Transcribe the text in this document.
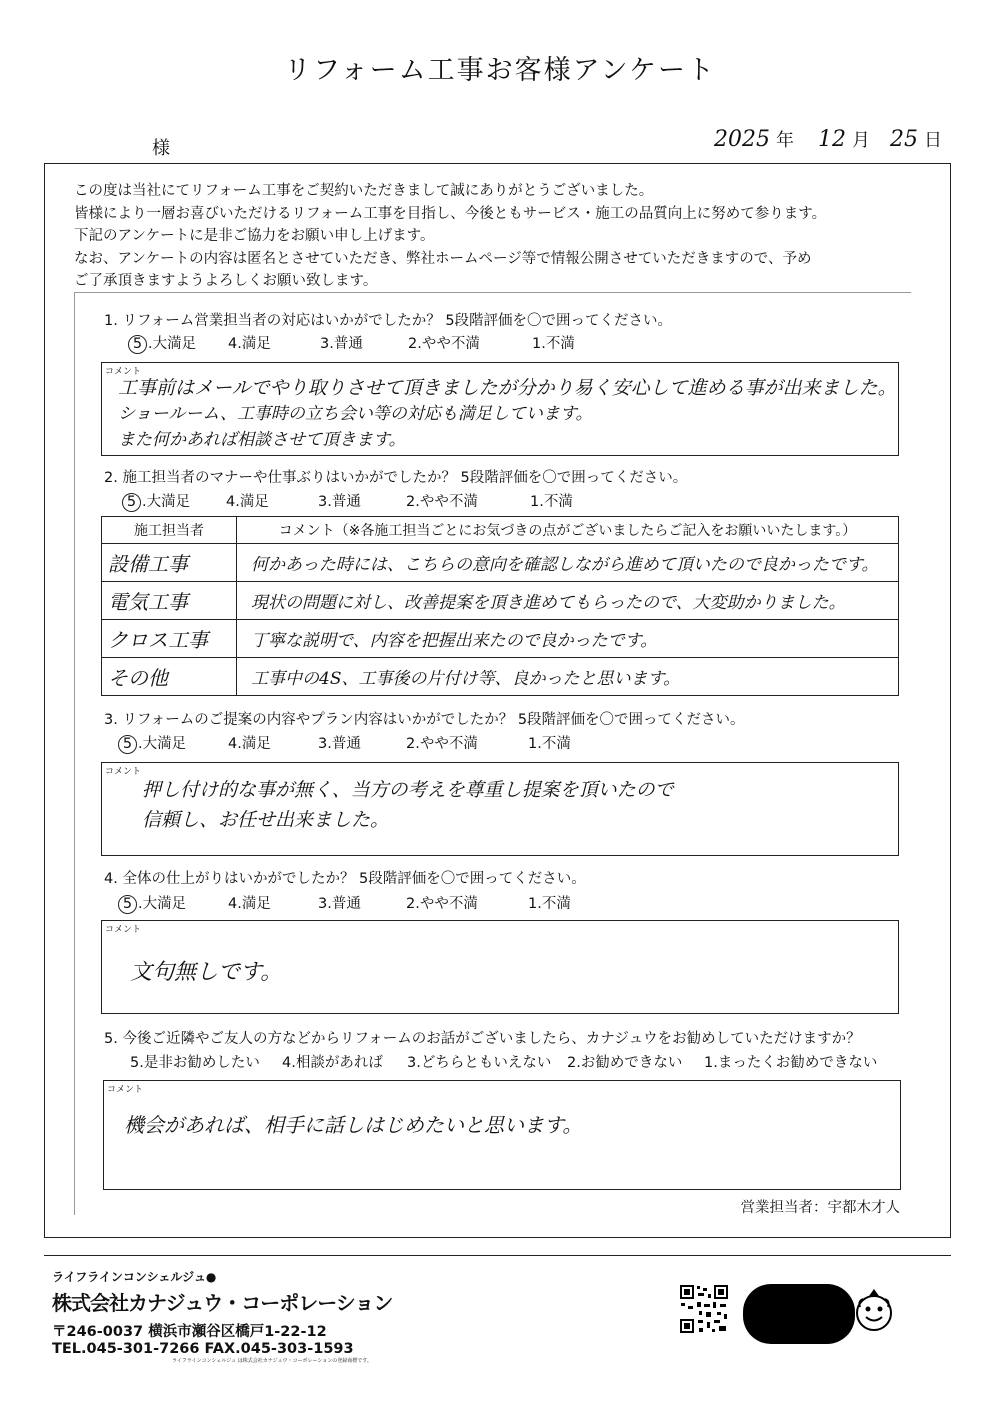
リフォーム工事お客様アンケート
様	2025 年 12 月 25 日
この度は当社にてリフォーム工事をご契約いただきまして誠にありがとうございました。
皆様により一層お喜びいただけるリフォーム工事を目指し、今後ともサービス・施工の品質向上に努めて参ります。
下記のアンケートに是非ご協力をお願い申し上げます。
なお、アンケートの内容は匿名とさせていただき、弊社ホームページ等で情報公開させていただきますので、予め
ご了承頂きますようよろしくお願い致します。
1. リフォーム営業担当者の対応はいかがでしたか？ 5段階評価を〇で囲ってください。
5 .大満足	4.満足	3.普通	2.やや不満	1.不満
コメント
工事前はメールでやり取りさせて頂きましたが分かり易く安心して進める事が出来ました。
ショールーム、工事時の立ち会い等の対応も満足しています。
また何かあれば相談させて頂きます。
2. 施工担当者のマナーや仕事ぶりはいかがでしたか？ 5段階評価を〇で囲ってください。
5 .大満足	4.満足	3.普通	2.やや不満	1.不満
施工担当者	コメント（※各施工担当ごとにお気づきの点がございましたらご記入をお願いいたします。）
設備工事	何かあった時には、こちらの意向を確認しながら進めて頂いたので良かったです。
電気工事	現状の問題に対し、改善提案を頂き進めてもらったので、大変助かりました。
クロス工事	丁寧な説明で、内容を把握出来たので良かったです。
その他	工事中の4S、工事後の片付け等、良かったと思います。
3. リフォームのご提案の内容やプラン内容はいかがでしたか？ 5段階評価を〇で囲ってください。
5 .大満足	4.満足	3.普通	2.やや不満	1.不満
コメント
押し付け的な事が無く、当方の考えを尊重し提案を頂いたので
信頼し、お任せ出来ました。
4. 全体の仕上がりはいかがでしたか？ 5段階評価を〇で囲ってください。
5 .大満足	4.満足	3.普通	2.やや不満	1.不満
コメント
文句無しです。
5. 今後ご近隣やご友人の方などからリフォームのお話がございましたら、カナジュウをお勧めしていただけますか？
5.是非お勧めしたい	4.相談があれば	3.どちらともいえない	2.お勧めできない	1.まったくお勧めできない
コメント
機会があれば、相手に話しはじめたいと思います。
営業担当者：宇都木才人
ライフラインコンシェルジュ●
株式会社カナジュウ・コーポレーション
〒246-0037 横浜市瀬谷区橋戸1-22-12
TEL.045-301-7266 FAX.045-303-1593
ライフラインコンシェルジュ は株式会社カナジュウ・コーポレーションの登録商標です。
